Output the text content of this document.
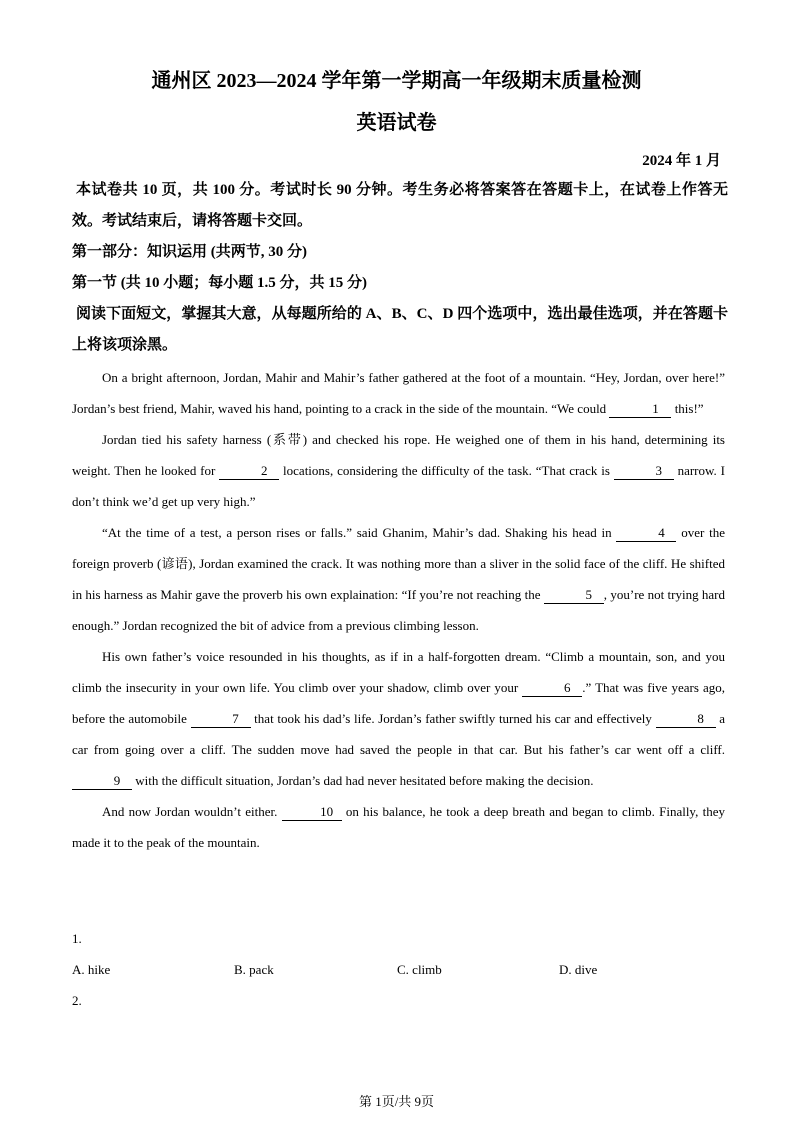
通州区 2023—2024 学年第一学期高一年级期末质量检测
英语试卷
2024 年 1 月
本试卷共 10 页，共 100 分。考试时长 90 分钟。考生务必将答案答在答题卡上，在试卷上作答无效。考试结束后，请将答题卡交回。
第一部分：知识运用 (共两节, 30 分)
第一节 (共 10 小题；每小题 1.5 分，共 15 分)
阅读下面短文，掌握其大意，从每题所给的 A、B、C、D 四个选项中，选出最佳选项，并在答题卡上将该项涂黑。

On a bright afternoon, Jordan, Mahir and Mahir’s father gathered at the foot of a mountain. “Hey, Jordan, over here!” Jordan’s best friend, Mahir, waved his hand, pointing to a crack in the side of the mountain. “We could	1 this!”

Jordan tied his safety harness (系带) and checked his rope. He weighed one of them in his hand, determining its weight. Then he looked for	2 locations, considering the difficulty of the task. “That crack is	3 narrow. I don’t think we’d get up very high.”

“At the time of a test, a person rises or falls.” said Ghanim, Mahir’s dad. Shaking his head in	4 over the foreign proverb (谚语), Jordan examined the crack. It was nothing more than a sliver in the solid face of the cliff. He shifted in his harness as Mahir gave the proverb his own explaination: “If you’re not reaching the	5 , you’re not trying hard enough.” Jordan recognized the bit of advice from a previous climbing lesson.

His own father’s voice resounded in his thoughts, as if in a half-forgotten dream. “Climb a mountain, son, and you climb the insecurity in your own life. You climb over your shadow, climb over your	6 .” That was five years ago, before the automobile	7 that took his dad’s life. Jordan’s father swiftly turned his car and effectively	8 a car from going over a cliff. The sudden move had saved the people in that car. But his father’s car went off a cliff. 9 with the difficult situation, Jordan’s dad had never hesitated before making the decision.

And now Jordan wouldn’t either.	10 on his balance, he took a deep breath and began to climb. Finally, they made it to the peak of the mountain.

1.
A. hike	B. pack	C. climb	D. dive
2.
第 1页/共 9页
